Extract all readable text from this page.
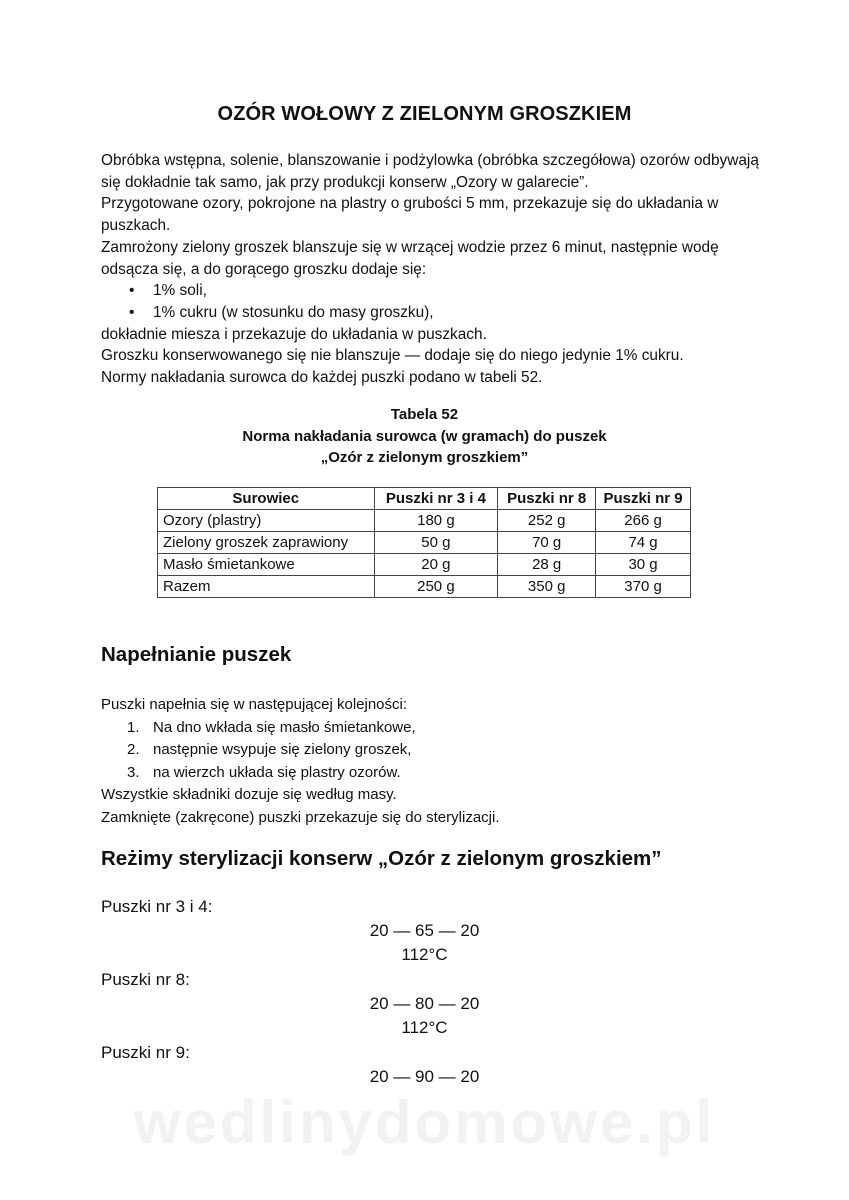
OZÓR WOŁOWY Z ZIELONYM GROSZKIEM

Obróbka wstępna, solenie, blanszowanie i podżylowka (obróbka szczegółowa) ozorów odbywają się dokładnie tak samo, jak przy produkcji konserw „Ozory w galarecie”.

Przygotowane ozory, pokrojone na plastry o grubości 5 mm, przekazuje się do układania w puszkach.

Zamrożony zielony groszek blanszuje się w wrzącej wodzie przez 6 minut, następnie wodę odsącza się, a do gorącego groszku dodaje się:

• 1% soli,
• 1% cukru (w stosunku do masy groszku),

dokładnie miesza i przekazuje do układania w puszkach.

Groszku konserwowanego się nie blanszuje — dodaje się do niego jedynie 1% cukru.

Normy nakładania surowca do każdej puszki podano w tabeli 52.

Tabela 52
Norma nakładania surowca (w gramach) do puszek
„Ozór z zielonym groszkiem”
Surowiec	Puszki nr 3 i 4	Puszki nr 8	Puszki nr 9
Ozory (plastry)	180 g	252 g	266 g
Zielony groszek zaprawiony	50 g	70 g	74 g
Masło śmietankowe	20 g	28 g	30 g
Razem	250 g	350 g	370 g
Napełnianie puszek

Puszki napełnia się w następującej kolejności:

1. Na dno wkłada się masło śmietankowe,
2. następnie wsypuje się zielony groszek,
3. na wierzch układa się plastry ozorów.

Wszystkie składniki dozuje się według masy.

Zamknięte (zakręcone) puszki przekazuje się do sterylizacji.

Reżimy sterylizacji konserw „Ozór z zielonym groszkiem”
Puszki nr 3 i 4:
20 — 65 — 20
112°C
Puszki nr 8:
20 — 80 — 20
112°C
Puszki nr 9:
20 — 90 — 20
wedlinydomowe.pl
